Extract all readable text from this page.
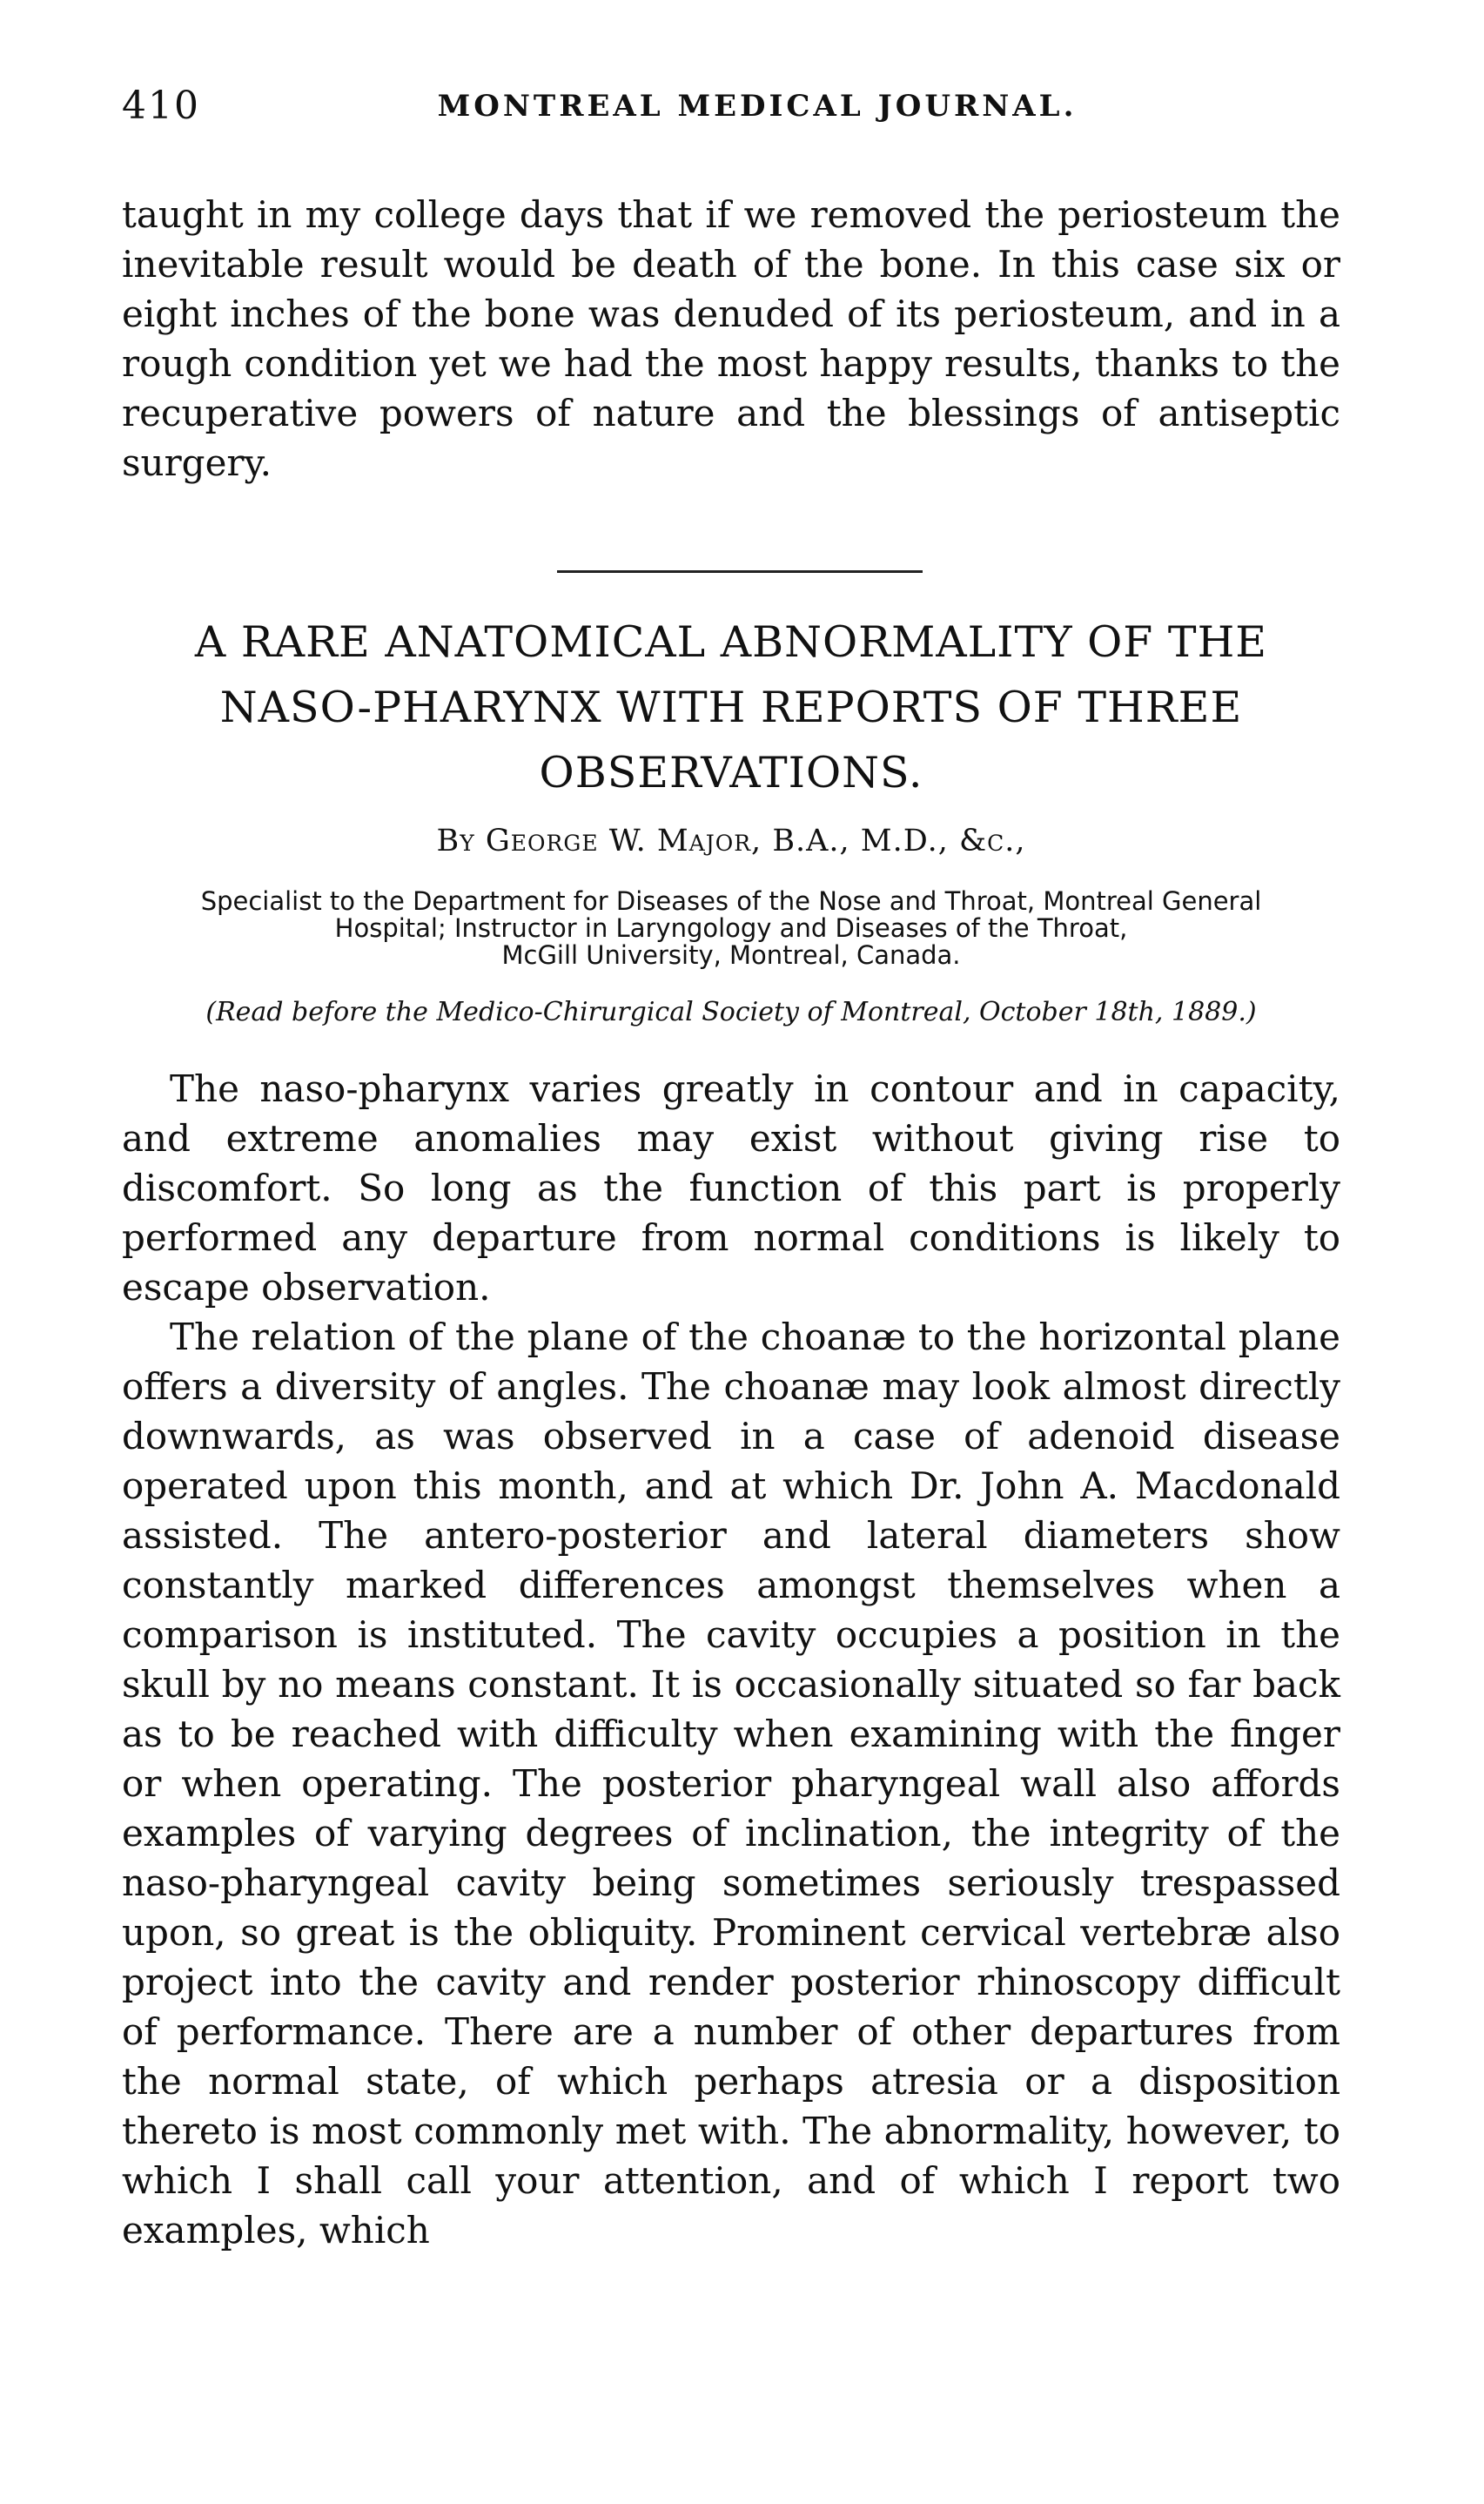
410	MONTREAL MEDICAL JOURNAL.

taught in my college days that if we removed the periosteum the inevitable result would be death of the bone. In this case six or eight inches of the bone was denuded of its periosteum, and in a rough condition yet we had the most happy results, thanks to the recuperative powers of nature and the blessings of antiseptic surgery.

A RARE ANATOMICAL ABNORMALITY OF THE
NASO-PHARYNX WITH REPORTS OF THREE
OBSERVATIONS.
By George W. Major, B.A., M.D., &c.,
Specialist to the Department for Diseases of the Nose and Throat, Montreal General
Hospital; Instructor in Laryngology and Diseases of the Throat,
McGill University, Montreal, Canada.
(Read before the Medico-Chirurgical Society of Montreal, October 18th, 1889.)

The naso-pharynx varies greatly in contour and in capacity, and extreme anomalies may exist without giving rise to discomfort. So long as the function of this part is properly performed any departure from normal conditions is likely to escape observation.

The relation of the plane of the choanæ to the horizontal plane offers a diversity of angles. The choanæ may look almost directly downwards, as was observed in a case of adenoid disease operated upon this month, and at which Dr. John A. Macdonald assisted. The antero-posterior and lateral diameters show constantly marked differences amongst themselves when a comparison is instituted. The cavity occupies a position in the skull by no means constant. It is occasionally situated so far back as to be reached with difficulty when examining with the finger or when operating. The posterior pharyngeal wall also affords examples of varying degrees of inclination, the integrity of the naso-pharyngeal cavity being sometimes seriously trespassed upon, so great is the obliquity. Prominent cervical vertebræ also project into the cavity and render posterior rhinoscopy difficult of performance. There are a number of other departures from the normal state, of which perhaps atresia or a disposition thereto is most commonly met with. The abnormality, however, to which I shall call your attention, and of which I report two examples, which
